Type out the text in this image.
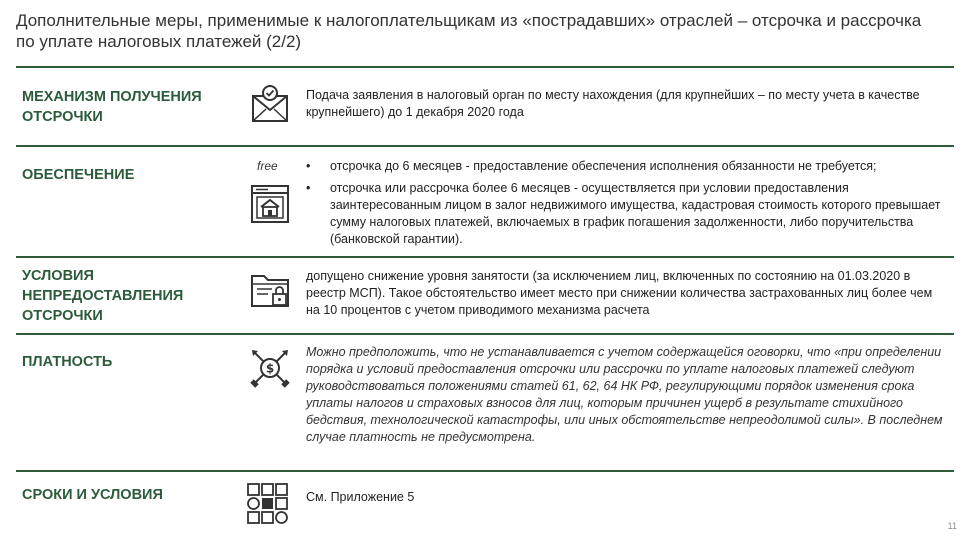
Дополнительные меры, применимые к налогоплательщикам из «пострадавших» отраслей – отсрочка и рассрочка по уплате налоговых платежей (2/2)
МЕХАНИЗМ ПОЛУЧЕНИЯ ОТСРОЧКИ
Подача заявления в налоговый орган по месту нахождения (для крупнейших – по месту учета в качестве крупнейшего) до 1 декабря 2020 года
ОБЕСПЕЧЕНИЕ
free • отсрочка до 6 месяцев - предоставление обеспечения исполнения обязанности не требуется;
• отсрочка или рассрочка более 6 месяцев - осуществляется при условии предоставления заинтересованным лицом в залог недвижимого имущества, кадастровая стоимость которого превышает сумму налоговых платежей, включаемых в график погашения задолженности, либо поручительства (банковской гарантии).
УСЛОВИЯ НЕПРЕДОСТАВЛЕНИЯ ОТСРОЧКИ
допущено снижение уровня занятости (за исключением лиц, включенных по состоянию на 01.03.2020 в реестр МСП). Такое обстоятельство имеет место при снижении количества застрахованных лиц более чем на 10 процентов с учетом приводимого механизма расчета
ПЛАТНОСТЬ	$
Можно предположить, что не устанавливается с учетом содержащейся оговорки, что «при определении порядка и условий предоставления отсрочки или рассрочки по уплате налоговых платежей следуют руководствоваться положениями статей 61, 62, 64 НК РФ, регулирующими порядок изменения срока уплаты налогов и страховых взносов для лиц, которым причинен ущерб в результате стихийного бедствия, технологической катастрофы, или иных обстоятельстве непреодолимой силы». В последнем случае платность не предусмотрена.
СРОКИ И УСЛОВИЯ	См. Приложение 5
11
